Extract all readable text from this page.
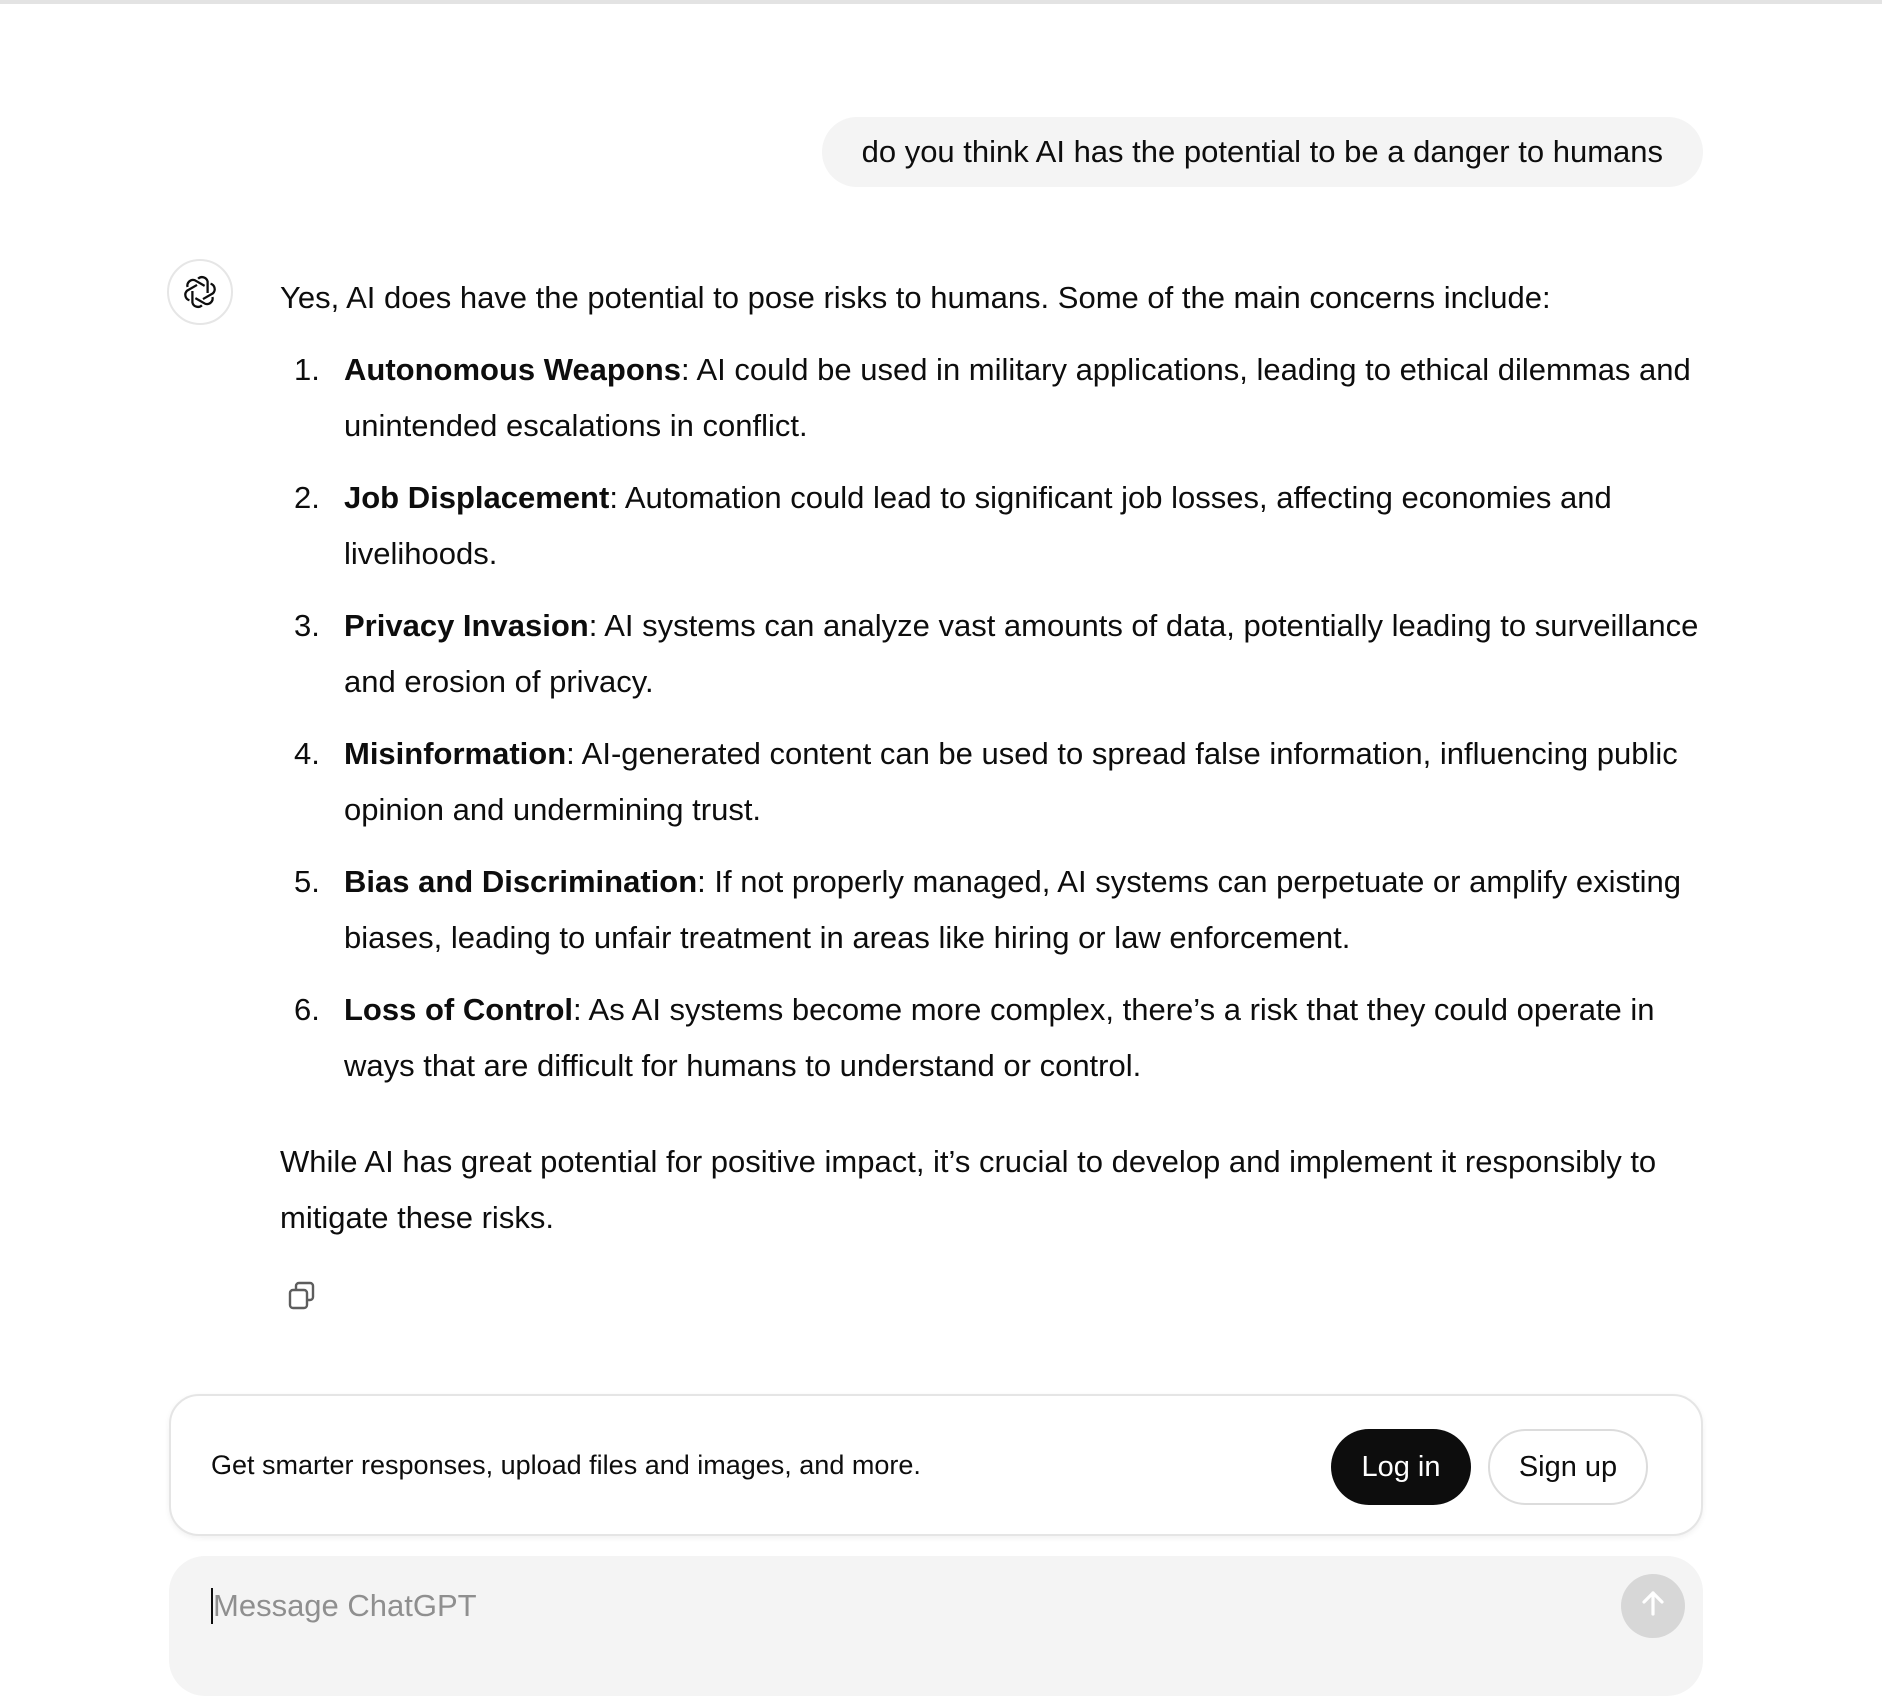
do you think AI has the potential to be a danger to humans

Yes, AI does have the potential to pose risks to humans. Some of the main concerns include:

1. Autonomous Weapons: AI could be used in military applications, leading to ethical dilemmas and unintended escalations in conflict.
2. Job Displacement: Automation could lead to significant job losses, affecting economies and livelihoods.
3. Privacy Invasion: AI systems can analyze vast amounts of data, potentially leading to surveillance and erosion of privacy.
4. Misinformation: AI-generated content can be used to spread false information, influencing public opinion and undermining trust.
5. Bias and Discrimination: If not properly managed, AI systems can perpetuate or amplify existing biases, leading to unfair treatment in areas like hiring or law enforcement.
6. Loss of Control: As AI systems become more complex, there’s a risk that they could operate in ways that are difficult for humans to understand or control.

While AI has great potential for positive impact, it’s crucial to develop and implement it responsibly to mitigate these risks.

Get smarter responses, upload files and images, and more.	Log in	Sign up
Message ChatGPT
